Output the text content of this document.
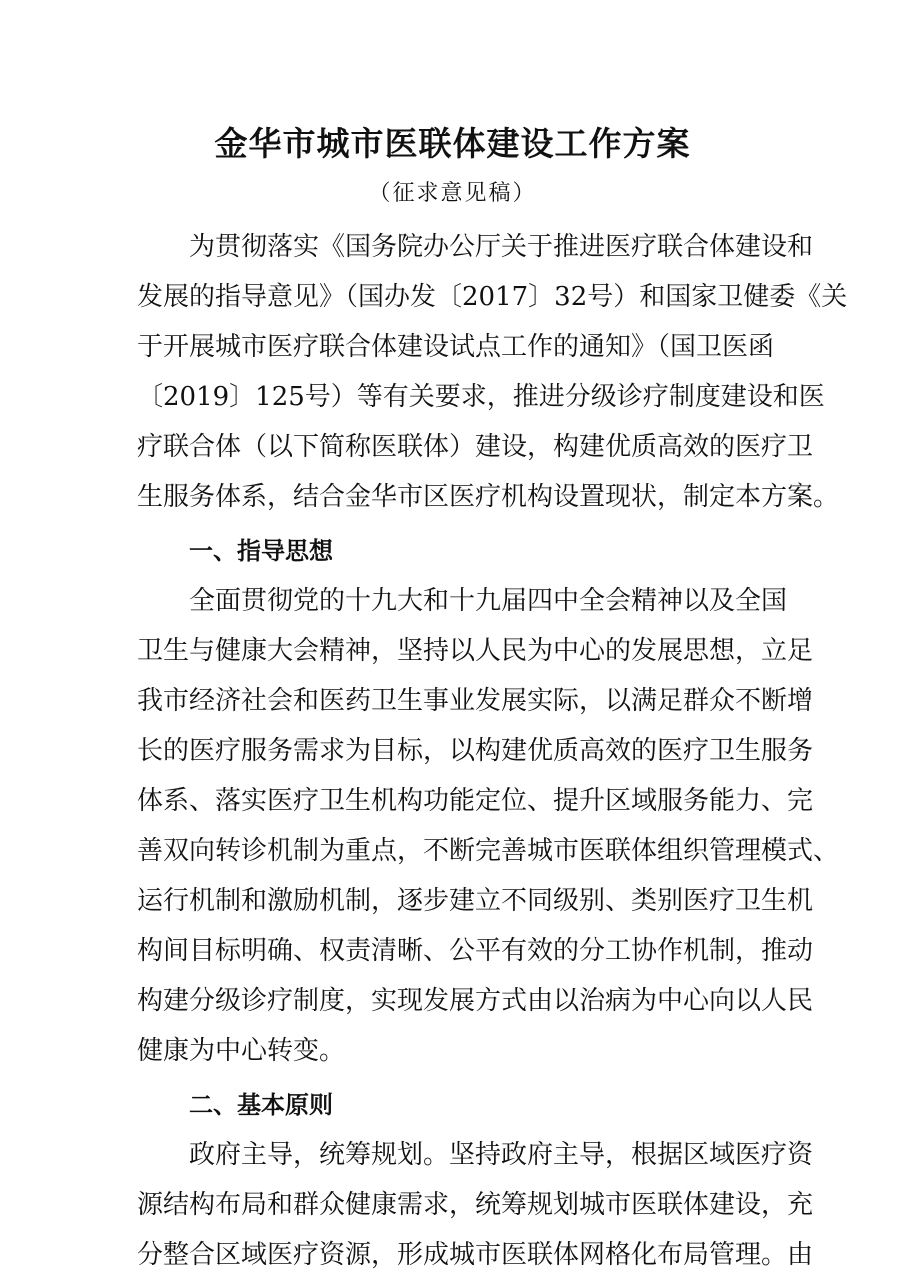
金华市城市医联体建设工作方案
（征求意见稿）
为贯彻落实《国务院办公厅关于推进医疗联合体建设和
发展的指导意见》（国办发〔2017〕32号）和国家卫健委《关
于开展城市医疗联合体建设试点工作的通知》（国卫医函
〔2019〕125号）等有关要求，推进分级诊疗制度建设和医
疗联合体（以下简称医联体）建设，构建优质高效的医疗卫
生服务体系，结合金华市区医疗机构设置现状，制定本方案。
一、指导思想
全面贯彻党的十九大和十九届四中全会精神以及全国
卫生与健康大会精神，坚持以人民为中心的发展思想，立足
我市经济社会和医药卫生事业发展实际，以满足群众不断增
长的医疗服务需求为目标，以构建优质高效的医疗卫生服务
体系、落实医疗卫生机构功能定位、提升区域服务能力、完
善双向转诊机制为重点，不断完善城市医联体组织管理模式、
运行机制和激励机制，逐步建立不同级别、类别医疗卫生机
构间目标明确、权责清晰、公平有效的分工协作机制，推动
构建分级诊疗制度，实现发展方式由以治病为中心向以人民
健康为中心转变。
二、基本原则
政府主导，统筹规划。坚持政府主导，根据区域医疗资
源结构布局和群众健康需求，统筹规划城市医联体建设，充
分整合区域医疗资源，形成城市医联体网格化布局管理。由
